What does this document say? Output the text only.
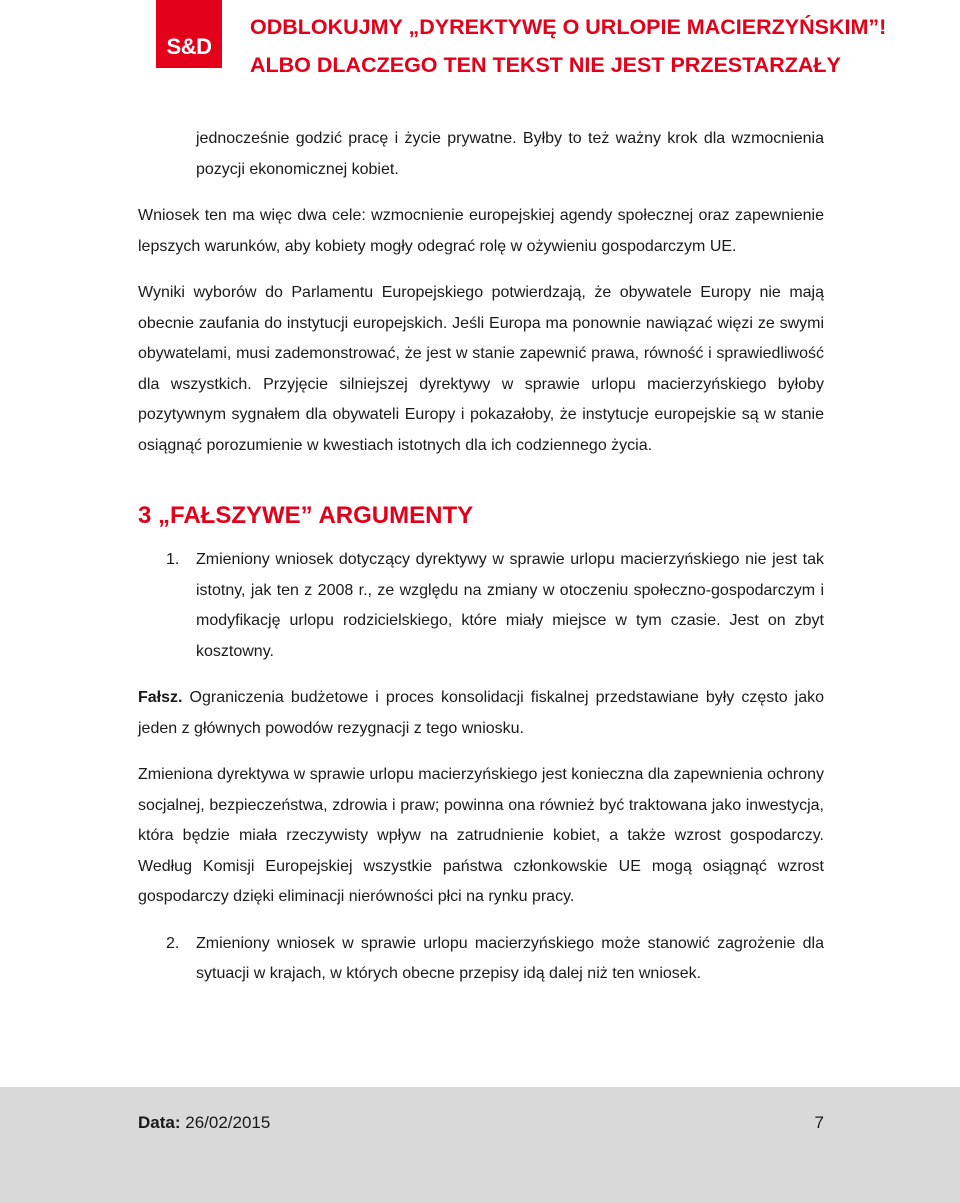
S&D
ODBLOKUJMY „DYREKTYWĘ O URLOPIE MACIERZYŃSKIM”!
ALBO DLACZEGO TEN TEKST NIE JEST PRZESTARZAŁY

jednocześnie godzić pracę i życie prywatne. Byłby to też ważny krok dla wzmocnienia pozycji ekonomicznej kobiet.

Wniosek ten ma więc dwa cele: wzmocnienie europejskiej agendy społecznej oraz zapewnienie lepszych warunków, aby kobiety mogły odegrać rolę w ożywieniu gospodarczym UE.

Wyniki wyborów do Parlamentu Europejskiego potwierdzają, że obywatele Europy nie mają obecnie zaufania do instytucji europejskich. Jeśli Europa ma ponownie nawiązać więzi ze swymi obywatelami, musi zademonstrować, że jest w stanie zapewnić prawa, równość i sprawiedliwość dla wszystkich. Przyjęcie silniejszej dyrektywy w sprawie urlopu macierzyńskiego byłoby pozytywnym sygnałem dla obywateli Europy i pokazałoby, że instytucje europejskie są w stanie osiągnąć porozumienie w kwestiach istotnych dla ich codziennego życia.

3 „FAŁSZYWE” ARGUMENTY
1. Zmieniony wniosek dotyczący dyrektywy w sprawie urlopu macierzyńskiego nie jest tak istotny, jak ten z 2008 r., ze względu na zmiany w otoczeniu społeczno-gospodarczym i modyfikację urlopu rodzicielskiego, które miały miejsce w tym czasie. Jest on zbyt kosztowny.

Fałsz. Ograniczenia budżetowe i proces konsolidacji fiskalnej przedstawiane były często jako jeden z głównych powodów rezygnacji z tego wniosku.

Zmieniona dyrektywa w sprawie urlopu macierzyńskiego jest konieczna dla zapewnienia ochrony socjalnej, bezpieczeństwa, zdrowia i praw; powinna ona również być traktowana jako inwestycja, która będzie miała rzeczywisty wpływ na zatrudnienie kobiet, a także wzrost gospodarczy. Według Komisji Europejskiej wszystkie państwa członkowskie UE mogą osiągnąć wzrost gospodarczy dzięki eliminacji nierówności płci na rynku pracy.

2. Zmieniony wniosek w sprawie urlopu macierzyńskiego może stanowić zagrożenie dla sytuacji w krajach, w których obecne przepisy idą dalej niż ten wniosek.
Data: 26/02/2015	7
